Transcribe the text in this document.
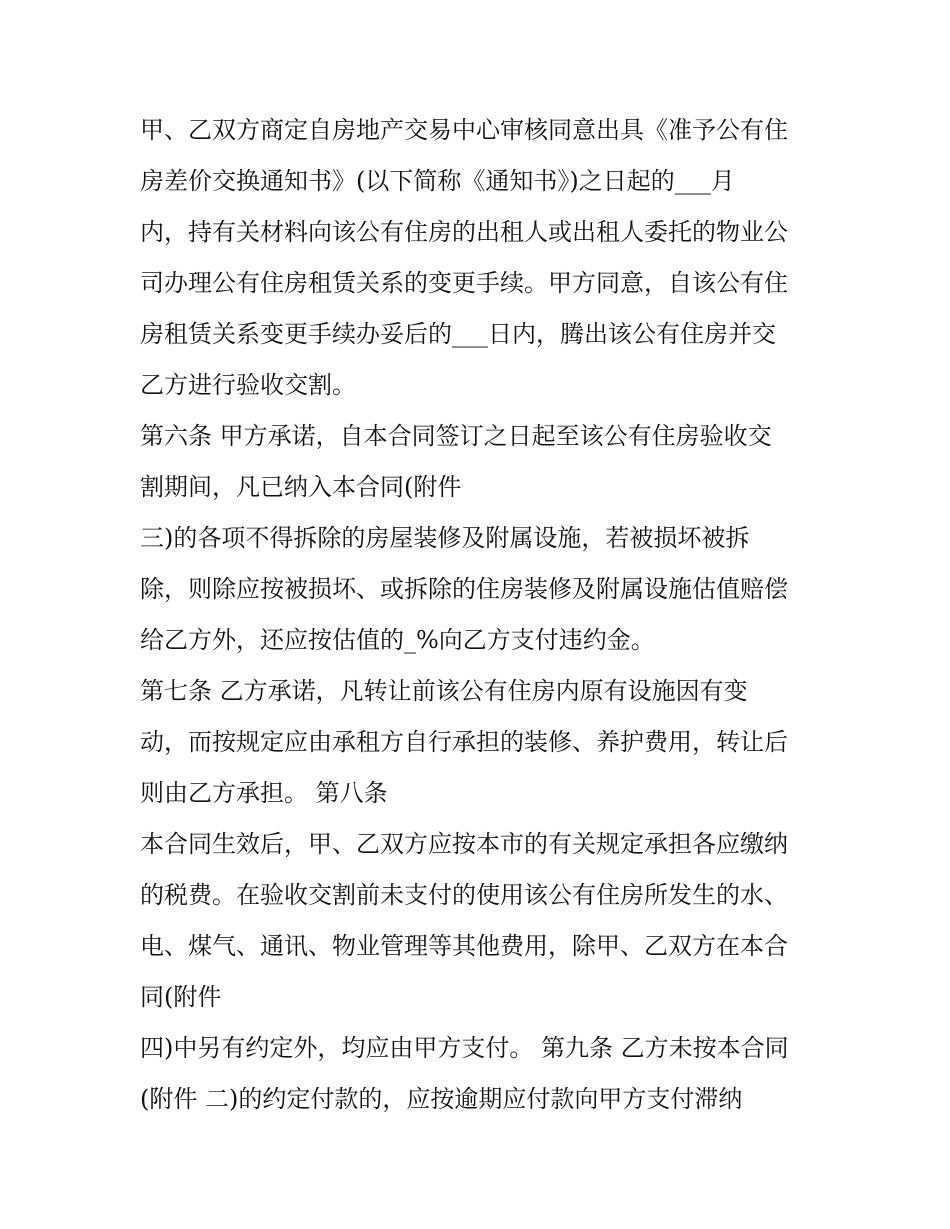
甲、乙双方商定自房地产交易中心审核同意出具《准予公有住
房差价交换通知书》(以下简称《通知书》)之日起的___月
内，持有关材料向该公有住房的出租人或出租人委托的物业公
司办理公有住房租赁关系的变更手续。甲方同意，自该公有住
房租赁关系变更手续办妥后的___日内，腾出该公有住房并交
乙方进行验收交割。
第六条 甲方承诺，自本合同签订之日起至该公有住房验收交
割期间，凡已纳入本合同(附件
三)的各项不得拆除的房屋装修及附属设施，若被损坏被拆
除，则除应按被损坏、或拆除的住房装修及附属设施估值赔偿
给乙方外，还应按估值的_%向乙方支付违约金。
第七条 乙方承诺，凡转让前该公有住房内原有设施因有变
动，而按规定应由承租方自行承担的装修、养护费用，转让后
则由乙方承担。 第八条
本合同生效后，甲、乙双方应按本市的有关规定承担各应缴纳
的税费。在验收交割前未支付的使用该公有住房所发生的水、
电、煤气、通讯、物业管理等其他费用，除甲、乙双方在本合
同(附件
四)中另有约定外，均应由甲方支付。 第九条 乙方未按本合同
(附件 二)的约定付款的，应按逾期应付款向甲方支付滞纳
